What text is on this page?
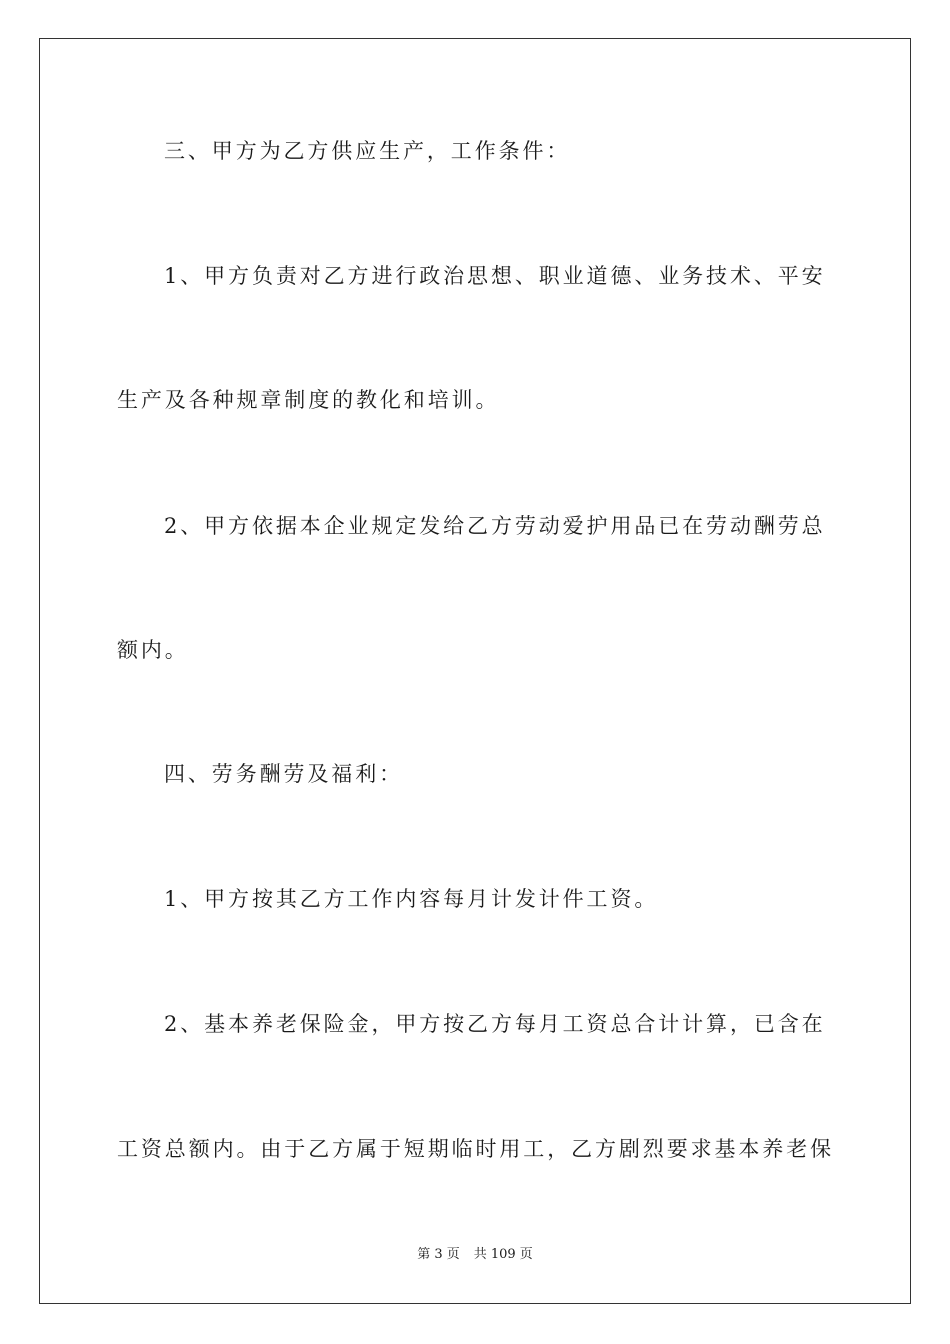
三、甲方为乙方供应生产，工作条件：

1、甲方负责对乙方进行政治思想、职业道德、业务技术、平安

生产及各种规章制度的教化和培训。

2、甲方依据本企业规定发给乙方劳动爱护用品已在劳动酬劳总

额内。

四、劳务酬劳及福利：

1、甲方按其乙方工作内容每月计发计件工资。

2、基本养老保险金，甲方按乙方每月工资总合计计算，已含在

工资总额内。由于乙方属于短期临时用工，乙方剧烈要求基本养老保

第 3 页 共 109 页
